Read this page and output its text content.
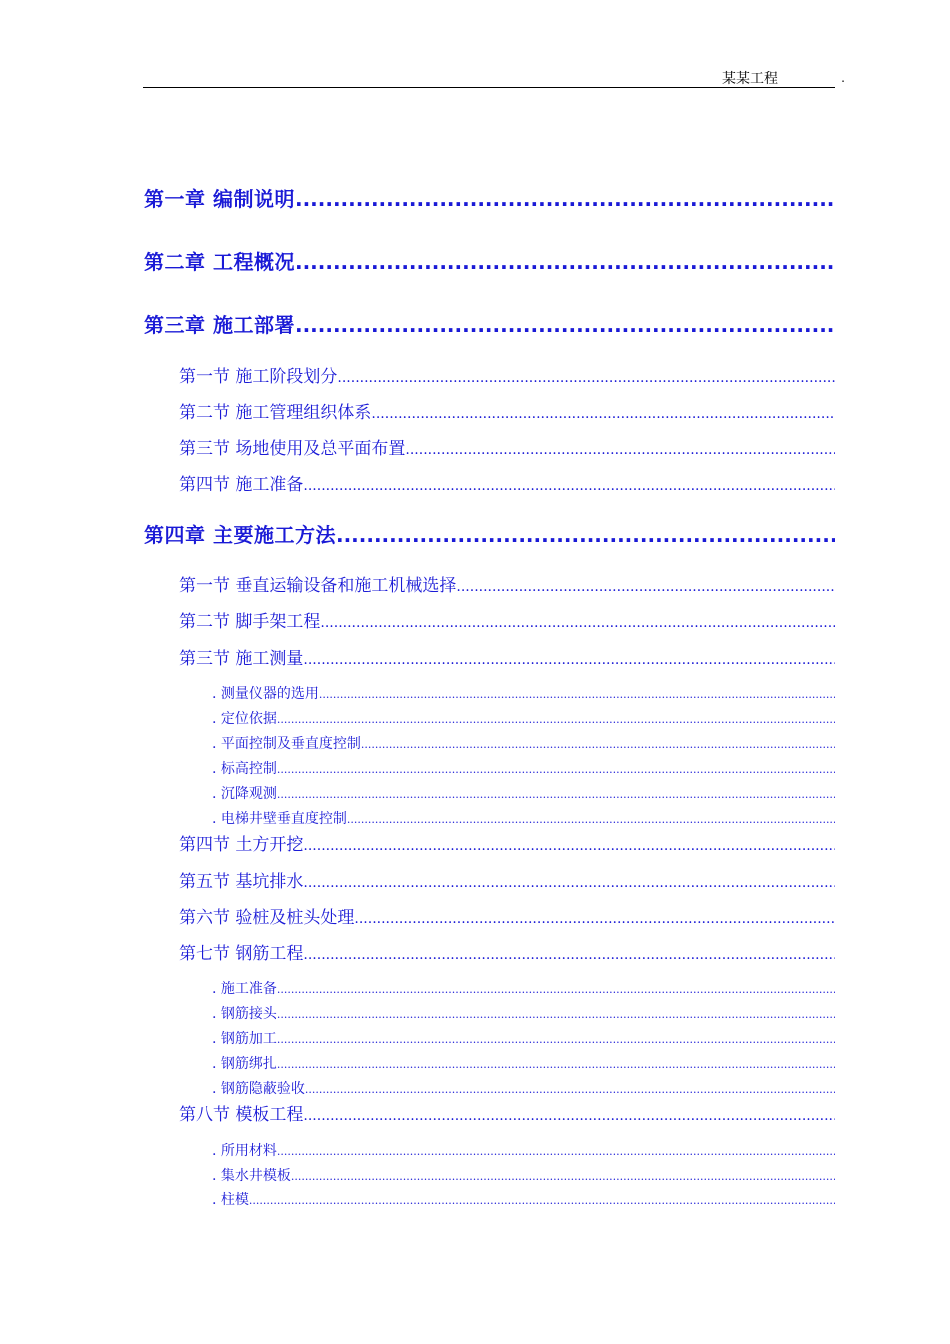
某某工程	.
第一章 编制说明
.....
第二章 工程概况
.....
第三章 施工部署
.....
第一节 施工阶段划分
.....
第二节 施工管理组织体系
.....
第三节 场地使用及总平面布置
.....
第四节 施工准备
.....
第四章 主要施工方法
.....
第一节 垂直运输设备和施工机械选择
.....
第二节 脚手架工程
.....
第三节 施工测量
.....
. 测量仪器的选用
.....
. 定位依据
.....
. 平面控制及垂直度控制
.....
. 标高控制
.....
. 沉降观测
.....
. 电梯井壁垂直度控制
.....
第四节 土方开挖
.....
第五节 基坑排水
.....
第六节 验桩及桩头处理
.....
第七节 钢筋工程
.....
. 施工准备
.....
. 钢筋接头
.....
. 钢筋加工
.....
. 钢筋绑扎
.....
. 钢筋隐蔽验收
.....
第八节 模板工程
.....
. 所用材料
.....
. 集水井模板
.....
. 柱模
.....
